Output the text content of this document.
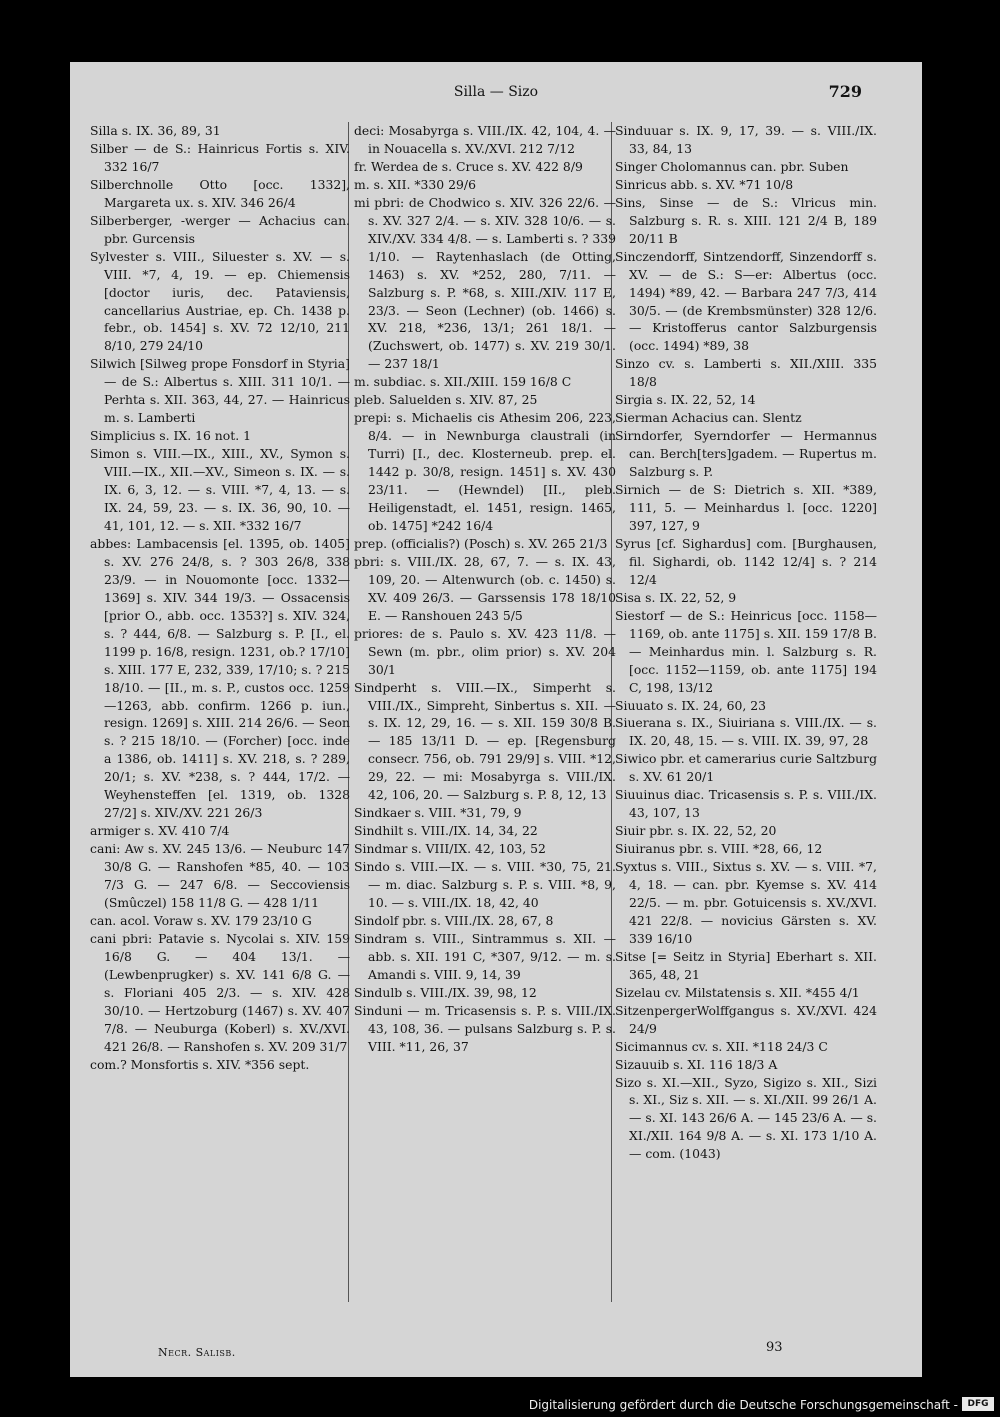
Silla — Sizo	729

Silla s. IX. 36, 89, 31

Silber — de S.: Hainricus Fortis s. XIV. 332 16/7

Silberchnolle Otto [occ. 1332], Margareta ux. s. XIV. 346 26/4

Silberberger, -werger — Achacius can. pbr. Gurcensis

Sylvester s. VIII., Siluester s. XV. — s. VIII. *7, 4, 19. — ep. Chiemensis [doctor iuris, dec. Pataviensis, cancellarius Austriae, ep. Ch. 1438 p. febr., ob. 1454] s. XV. 72 12/10, 211 8/10, 279 24/10

Silwich [Silweg prope Fonsdorf in Styria] — de S.: Albertus s. XIII. 311 10/1. — Perhta s. XII. 363, 44, 27. — Hainricus m. s. Lamberti

Simplicius s. IX. 16 not. 1

Simon s. VIII.—IX., XIII., XV., Symon s. VIII.—IX., XII.—XV., Simeon s. IX. — s. IX. 6, 3, 12. — s. VIII. *7, 4, 13. — s. IX. 24, 59, 23. — s. IX. 36, 90, 10. — 41, 101, 12. — s. XII. *332 16/7

abbes: Lambacensis [el. 1395, ob. 1405] s. XV. 276 24/8, s. ? 303 26/8, 338 23/9. — in Nouomonte [occ. 1332—1369] s. XIV. 344 19/3. — Ossacensis [prior O., abb. occ. 1353?] s. XIV. 324, s. ? 444, 6/8. — Salzburg s. P. [I., el. 1199 p. 16/8, resign. 1231, ob.? 17/10] s. XIII. 177 E, 232, 339, 17/10; s. ? 215 18/10. — [II., m. s. P., custos occ. 1259—1263, abb. confirm. 1266 p. iun., resign. 1269] s. XIII. 214 26/6. — Seon s. ? 215 18/10. — (Forcher) [occ. inde a 1386, ob. 1411] s. XV. 218, s. ? 289, 20/1; s. XV. *238, s. ? 444, 17/2. — Weyhensteffen [el. 1319, ob. 1328 27/2] s. XIV./XV. 221 26/3

armiger s. XV. 410 7/4

cani: Aw s. XV. 245 13/6. — Neuburc 147 30/8 G. — Ranshofen *85, 40. — 103 7/3 G. — 247 6/8. — Seccoviensis (Smûczel) 158 11/8 G. — 428 1/11

can. acol. Voraw s. XV. 179 23/10 G

cani pbri: Patavie s. Nycolai s. XIV. 159 16/8 G. — 404 13/1. — (Lewbenprugker) s. XV. 141 6/8 G. — s. Floriani 405 2/3. — s. XIV. 428 30/10. — Hertzoburg (1467) s. XV. 407 7/8. — Neuburga (Koberl) s. XV./XVI. 421 26/8. — Ranshofen s. XV. 209 31/7

com.? Monsfortis s. XIV. *356 sept.

deci: Mosabyrga s. VIII./IX. 42, 104, 4. — in Nouacella s. XV./XVI. 212 7/12

fr. Werdea de s. Cruce s. XV. 422 8/9

m. s. XII. *330 29/6

mi pbri: de Chodwico s. XIV. 326 22/6. — s. XV. 327 2/4. — s. XIV. 328 10/6. — s. XIV./XV. 334 4/8. — s. Lamberti s. ? 339 1/10. — Raytenhaslach (de Otting, 1463) s. XV. *252, 280, 7/11. — Salzburg s. P. *68, s. XIII./XIV. 117 E, 23/3. — Seon (Lechner) (ob. 1466) s. XV. 218, *236, 13/1; 261 18/1. — (Zuchswert, ob. 1477) s. XV. 219 30/1. — 237 18/1

m. subdiac. s. XII./XIII. 159 16/8 C

pleb. Saluelden s. XIV. 87, 25

prepi: s. Michaelis cis Athesim 206, 223, 8/4. — in Newnburga claustrali (in Turri) [I., dec. Klosterneub. prep. el. 1442 p. 30/8, resign. 1451] s. XV. 430 23/11. — (Hewndel) [II., pleb. Heiligenstadt, el. 1451, resign. 1465, ob. 1475] *242 16/4

prep. (officialis?) (Posch) s. XV. 265 21/3

pbri: s. VIII./IX. 28, 67, 7. — s. IX. 43, 109, 20. — Altenwurch (ob. c. 1450) s. XV. 409 26/3. — Garssensis 178 18/10 E. — Ranshouen 243 5/5

priores: de s. Paulo s. XV. 423 11/8. — Sewn (m. pbr., olim prior) s. XV. 204 30/1

Sindperht s. VIII.—IX., Simperht s. VIII./IX., Simpreht, Sinbertus s. XII. — s. IX. 12, 29, 16. — s. XII. 159 30/8 B. — 185 13/11 D. — ep. [Regensburg consecr. 756, ob. 791 29/9] s. VIII. *12, 29, 22. — mi: Mosabyrga s. VIII./IX. 42, 106, 20. — Salzburg s. P. 8, 12, 13

Sindkaer s. VIII. *31, 79, 9

Sindhilt s. VIII./IX. 14, 34, 22

Sindmar s. VIII/IX. 42, 103, 52

Sindo s. VIII.—IX. — s. VIII. *30, 75, 21. — m. diac. Salzburg s. P. s. VIII. *8, 9, 10. — s. VIII./IX. 18, 42, 40

Sindolf pbr. s. VIII./IX. 28, 67, 8

Sindram s. VIII., Sintrammus s. XII. — abb. s. XII. 191 C, *307, 9/12. — m. s. Amandi s. VIII. 9, 14, 39

Sindulb s. VIII./IX. 39, 98, 12

Sinduni — m. Tricasensis s. P. s. VIII./IX. 43, 108, 36. — pulsans Salzburg s. P. s. VIII. *11, 26, 37

Sinduuar s. IX. 9, 17, 39. — s. VIII./IX. 33, 84, 13

Singer Cholomannus can. pbr. Suben

Sinricus abb. s. XV. *71 10/8

Sins, Sinse — de S.: Vlricus min. Salzburg s. R. s. XIII. 121 2/4 B, 189 20/11 B

Sinczendorff, Sintzendorff, Sinzendorff s. XV. — de S.: S—er: Albertus (occ. 1494) *89, 42. — Barbara 247 7/3, 414 30/5. — (de Krembsmünster) 328 12/6. — Kristofferus cantor Salzburgensis (occ. 1494) *89, 38

Sinzo cv. s. Lamberti s. XII./XIII. 335 18/8

Sirgia s. IX. 22, 52, 14

Sierman Achacius can. Slentz

Sirndorfer, Syerndorfer — Hermannus can. Berch[ters]gadem. — Rupertus m. Salzburg s. P.

Sirnich — de S: Dietrich s. XII. *389, 111, 5. — Meinhardus l. [occ. 1220] 397, 127, 9

Syrus [cf. Sighardus] com. [Burghausen, fil. Sighardi, ob. 1142 12/4] s. ? 214 12/4

Sisa s. IX. 22, 52, 9

Siestorf — de S.: Heinricus [occ. 1158—1169, ob. ante 1175] s. XII. 159 17/8 B. — Meinhardus min. l. Salzburg s. R. [occ. 1152—1159, ob. ante 1175] 194 C, 198, 13/12

Siuuato s. IX. 24, 60, 23

Siuerana s. IX., Siuiriana s. VIII./IX. — s. IX. 20, 48, 15. — s. VIII. IX. 39, 97, 28

Siwico pbr. et camerarius curie Saltzburg s. XV. 61 20/1

Siuuinus diac. Tricasensis s. P. s. VIII./IX. 43, 107, 13

Siuir pbr. s. IX. 22, 52, 20

Siuiranus pbr. s. VIII. *28, 66, 12

Syxtus s. VIII., Sixtus s. XV. — s. VIII. *7, 4, 18. — can. pbr. Kyemse s. XV. 414 22/5. — m. pbr. Gotuicensis s. XV./XVI. 421 22/8. — novicius Gärsten s. XV. 339 16/10

Sitse [= Seitz in Styria] Eberhart s. XII. 365, 48, 21

Sizelau cv. Milstatensis s. XII. *455 4/1

SitzenpergerWolffgangus s. XV./XVI. 424 24/9

Sicimannus cv. s. XII. *118 24/3 C

Sizauuib s. XI. 116 18/3 A

Sizo s. XI.—XII., Syzo, Sigizo s. XII., Sizi s. XI., Siz s. XII. — s. XI./XII. 99 26/1 A. — s. XI. 143 26/6 A. — 145 23/6 A. — s. XI./XII. 164 9/8 A. — s. XI. 173 1/10 A. — com. (1043)

Necr. Salisb.	93
Digitalisierung gefördert durch die Deutsche Forschungsgemeinschaft -	DFG
